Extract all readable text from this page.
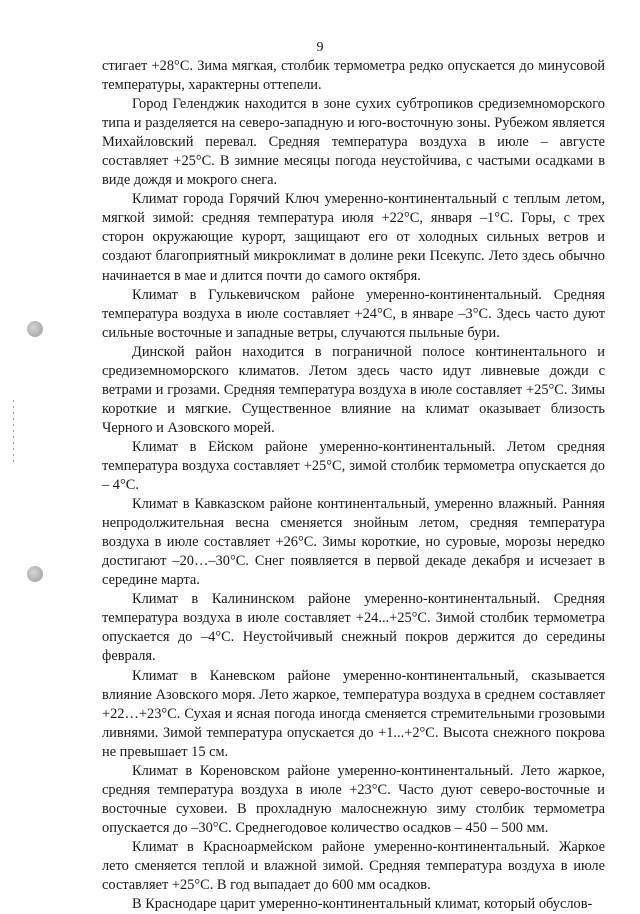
9

стигает +28°С. Зима мягкая, столбик термометра редко опускается до минусовой температуры, характерны оттепели.

Город Геленджик находится в зоне сухих субтропиков средиземноморского типа и разделяется на северо-западную и юго-восточную зоны. Рубежом является Михайловский перевал. Средняя температура воздуха в июле – августе составляет +25°С. В зимние месяцы погода неустойчива, с частыми осадками в виде дождя и мокрого снега.

Климат города Горячий Ключ умеренно-континентальный с теплым летом, мягкой зимой: средняя температура июля +22°С, января –1°С. Горы, с трех сторон окружающие курорт, защищают его от холодных сильных ветров и создают благоприятный микроклимат в долине реки Псекупс. Лето здесь обычно начинается в мае и длится почти до самого октября.

Климат в Гулькевичском районе умеренно-континентальный. Средняя температура воздуха в июле составляет +24°С, в январе –3°С. Здесь часто дуют сильные восточные и западные ветры, случаются пыльные бури.

Динской район находится в пограничной полосе континентального и средиземноморского климатов. Летом здесь часто идут ливневые дожди с ветрами и грозами. Средняя температура воздуха в июле составляет +25°С. Зимы короткие и мягкие. Существенное влияние на климат оказывает близость Черного и Азовского морей.

Климат в Ейском районе умеренно-континентальный. Летом средняя температура воздуха составляет +25°С, зимой столбик термометра опускается до – 4°С.

Климат в Кавказском районе континентальный, умеренно влажный. Ранняя непродолжительная весна сменяется знойным летом, средняя температура воздуха в июле составляет +26°С. Зимы короткие, но суровые, морозы нередко достигают –20…–30°С. Снег появляется в первой декаде декабря и исчезает в середине марта.

Климат в Калининском районе умеренно-континентальный. Средняя температура воздуха в июле составляет +24...+25°С. Зимой столбик термометра опускается до –4°С. Неустойчивый снежный покров держится до середины февраля.

Климат в Каневском районе умеренно-континентальный, сказывается влияние Азовского моря. Лето жаркое, температура воздуха в среднем составляет +22…+23°С. Сухая и ясная погода иногда сменяется стремительными грозовыми ливнями. Зимой температура опускается до +1...+2°С. Высота снежного покрова не превышает 15 см.

Климат в Кореновском районе умеренно-континентальный. Лето жаркое, средняя температура воздуха в июле +23°С. Часто дуют северо-восточные и восточные суховеи. В прохладную малоснежную зиму столбик термометра опускается до –30°С. Среднегодовое количество осадков – 450 – 500 мм.

Климат в Красноармейском районе умеренно-континентальный. Жаркое лето сменяется теплой и влажной зимой. Средняя температура воздуха в июле составляет +25°С. В год выпадает до 600 мм осадков.

В Краснодаре царит умеренно-континентальный климат, который обуслов-
